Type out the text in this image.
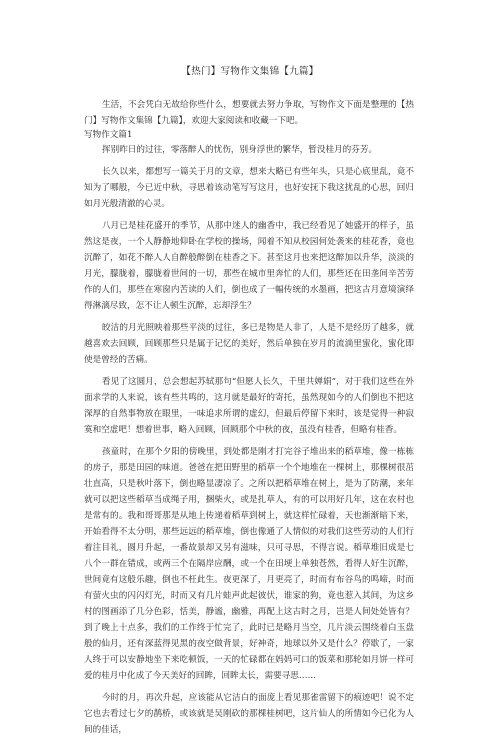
【热门】写物作文集锦【九篇】

生活，不会凭白无故给你些什么，想要就去努力争取，写物作文下面是整理的【热门】写物作文集锦【九篇】，欢迎大家阅读和收藏一下吧。

写物作文篇1

挥别昨日的过往，零落醉人的忧伤，别身浮世的繁华，暂没桂月的芬芳。

长久以来，都想写一篇关于月的文章，想来大略已有些年头，只是心底里乱，竟不知为了哪般，今已近中秋，寻思着该动笔写写这月，也好安抚下我这扰乱的心思，回归如月光般清澈的心灵。

八月已是桂花盛开的季节，从那中迷人的幽香中，我已经看见了她盛开的样子，虽然这是夜，一个人静静地仰卧在学校的操场，闻着不知从校园何处袭来的桂花香，竟也沉醉了，如花不醉人人自醉般醉倒在桂香之下。甚至这月也来把这醉加以升华，淡淡的月光，朦胧着，朦胧着世间的一切，那些在城市里奔忙的人们，那些还在田垄间辛苦劳作的人们，那些在寒窗内苦读的人们，倒也成了一幅传统的水墨画，把这古月意境演绎得淋漓尽致，怎不让人顿生沉醉，忘却浮生？

皎洁的月光照映着那些平淡的过往，多已是物是人非了，人是不是经历了越多，就越喜欢去回顾，回顾那些只是属于记忆的美好，然后单独在岁月的流淌里蜜化，蜜化即使是曾经的苦痛。

看见了这圆月，总会想起苏轼那句“但愿人长久，千里共婵娟”，对于我们这些在外面求学的人来说，该有些共鸣的，这月就是最好的寄托，虽然现如今的人们倒也不把这深厚的自然事物放在眼里，一味追求所谓的虚幻，但最后停留下来时，该是觉得一种寂寞和空虚吧！想着世事，略入回顾，回顾那个中秋的夜，虽没有桂香，但略有桂香。

孩童时，在那个夕阳的傍晚里，到处都是刚才打完谷子堆出来的稻草堆，像一栋栋的房子，那是田园的味道。爸爸在把田野里的稻草一个个地堆在一棵树上，那棵树很茁壮直高，只是秋叶落下，倒也略显凄凉了。之所以把稻草堆在树上，是为了防潮，来年就可以把这些稻草当成绳子用，捆柴火，或是扎草人，有的可以用好几年，这在农村也是常有的。我和哥哥那是从地上传递着稻草到树上，就这样忙碌着，天也渐渐暗下来，开始看得不太分明，那些远远的稻草堆，倒也像通了人情似的对我们这些劳动的人们行着注目礼，圆月升起，一番故景却又另有滋味，只可寻思，不得言说。稻草堆旧成是七八个一群在错成，或两三个在隔岸应酬，或一个在田埂上单独苍然，看得人好生沉醉，世间竟有这般乐趣，倒也不枉此生。夜更深了，月更亮了，时而有布谷鸟的鸣啼，时而有萤火虫的闪闪灯光，时而又有几片蛙声此起彼伏，谁家的狗，竟也惹入其间，为这乡村的图画添了几分色彩，恬美，静谧，幽雅，再配上这古时之月，岂是人间处处皆有？到了晚上十点多，我们的工作终于忙完了，此时已是略月当空，几片淡云围绕着白玉盘般的仙月，还有深蓝得见黑的夜空做背景，好神奇，地球以外又是什么？停歇了，一家人终于可以安静地坐下来吃顿饭，一天的忙碌都在妈妈可口的饭菜和那轮如月饼一样可爱的桂月中化成了今天美好的回眸，回眸太长，需要寻思……

今时的月，再次升起，应该能从它洁白的面庞上看见那雀雷留下的痕迹吧！说不定它也去看过七夕的鹊桥，或该就是吴刚砍的那棵桂树吧，这片仙人的所情如今已化为人间的佳话，
